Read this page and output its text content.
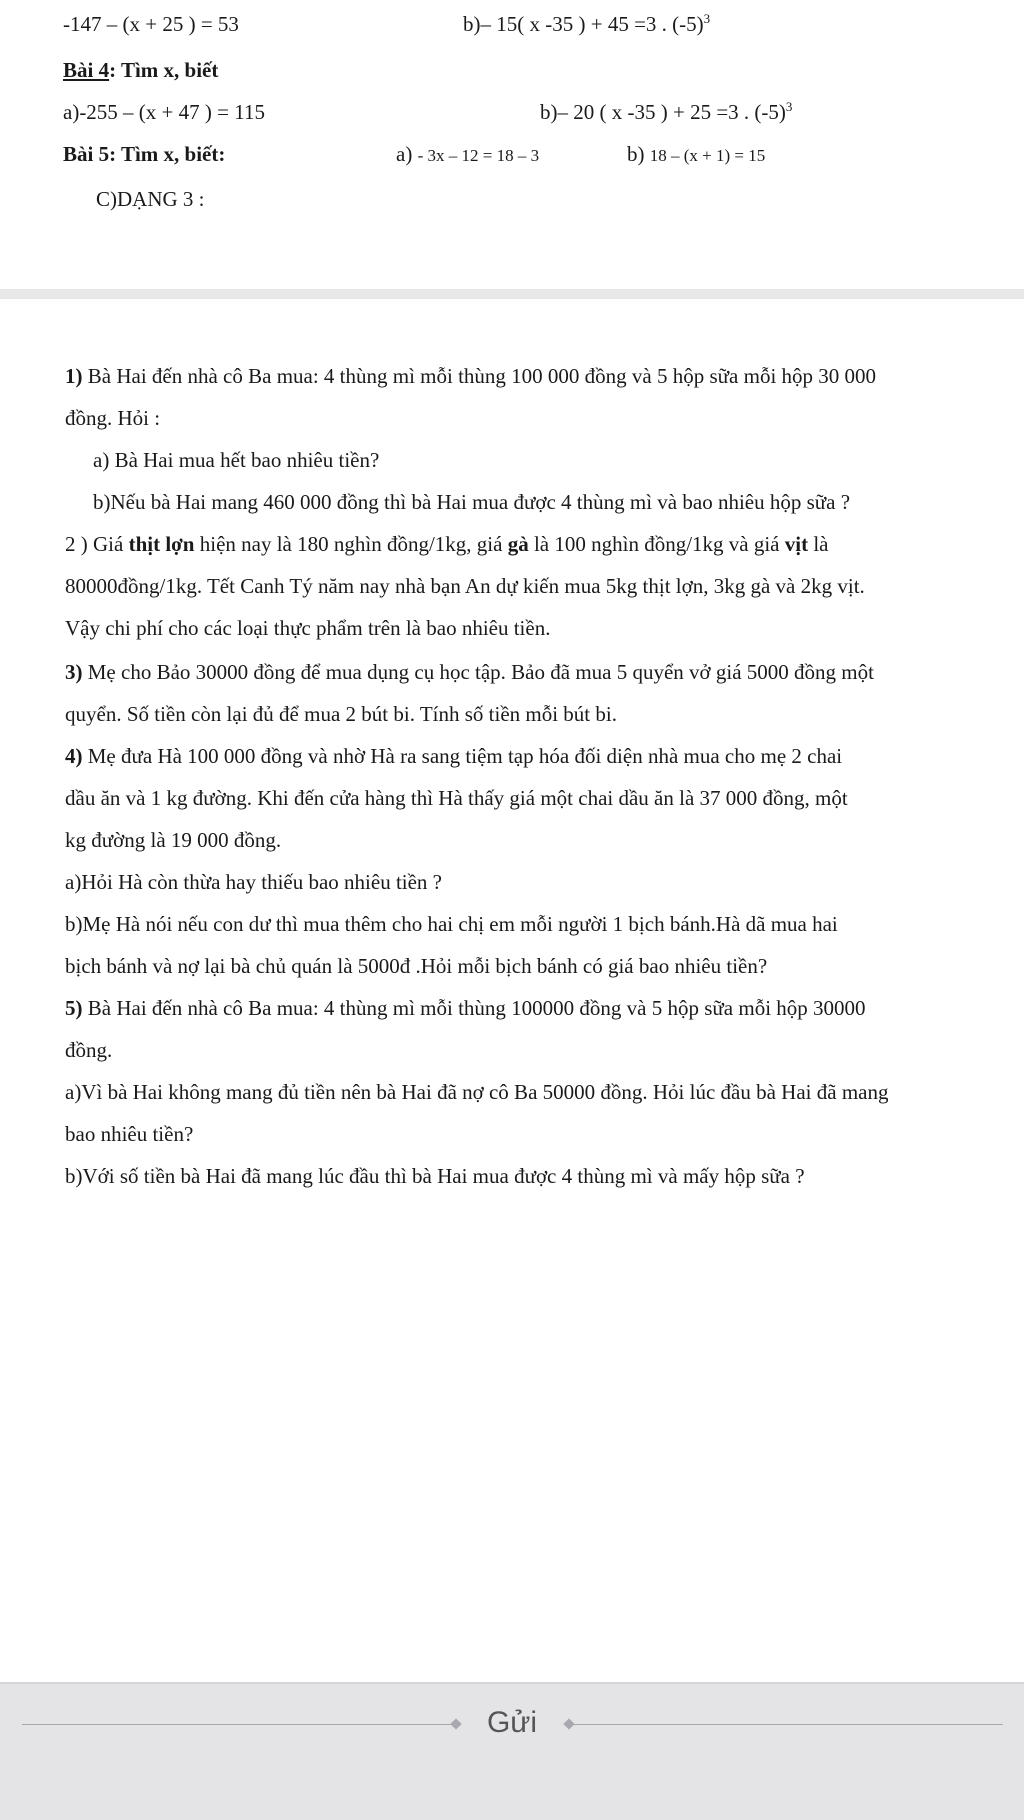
-147 – (x + 25 ) = 53	b)– 15( x -35 ) + 45 =3 . $(-5)^3$
Bài 4: Tìm x, biết
a)-255 – (x + 47 ) = 115	b)– 20 ( x -35 ) + 25 =3 . $(-5)^3$
Bài 5: Tìm x, biết:	a) - 3x – 12 = 18 – 3	b) 18 – (x + 1) = 15
C)DẠNG 3 :
1) Bà Hai đến nhà cô Ba mua: 4 thùng mì mỗi thùng 100 000 đồng và 5 hộp sữa mỗi hộp 30 000
đồng. Hỏi :
a) Bà Hai mua hết bao nhiêu tiền?
b)Nếu bà Hai mang 460 000 đồng thì bà Hai mua được 4 thùng mì và bao nhiêu hộp sữa ?
2 ) Giá thịt lợn hiện nay là 180 nghìn đồng/1kg, giá gà là 100 nghìn đồng/1kg và giá vịt là
80000đồng/1kg. Tết Canh Tý năm nay nhà bạn An dự kiến mua 5kg thịt lợn, 3kg gà và 2kg vịt.
Vậy chi phí cho các loại thực phẩm trên là bao nhiêu tiền.
3) Mẹ cho Bảo 30000 đồng để mua dụng cụ học tập. Bảo đã mua 5 quyển vở giá 5000 đồng một
quyển. Số tiền còn lại đủ để mua 2 bút bi. Tính số tiền mỗi bút bi.
4) Mẹ đưa Hà 100 000 đồng và nhờ Hà ra sang tiệm tạp hóa đối diện nhà mua cho mẹ 2 chai
dầu ăn và 1 kg đường. Khi đến cửa hàng thì Hà thấy giá một chai dầu ăn là 37 000 đồng, một
kg đường là 19 000 đồng.
a)Hỏi Hà còn thừa hay thiếu bao nhiêu tiền ?
b)Mẹ Hà nói nếu con dư thì mua thêm cho hai chị em mỗi người 1 bịch bánh.Hà dã mua hai
bịch bánh và nợ lại bà chủ quán là 5000đ .Hỏi mỗi bịch bánh có giá bao nhiêu tiền?
5) Bà Hai đến nhà cô Ba mua: 4 thùng mì mỗi thùng 100000 đồng và 5 hộp sữa mỗi hộp 30000
đồng.
a)Vì bà Hai không mang đủ tiền nên bà Hai đã nợ cô Ba 50000 đồng. Hỏi lúc đầu bà Hai đã mang
bao nhiêu tiền?
b)Với số tiền bà Hai đã mang lúc đầu thì bà Hai mua được 4 thùng mì và mấy hộp sữa ?
Gửi
